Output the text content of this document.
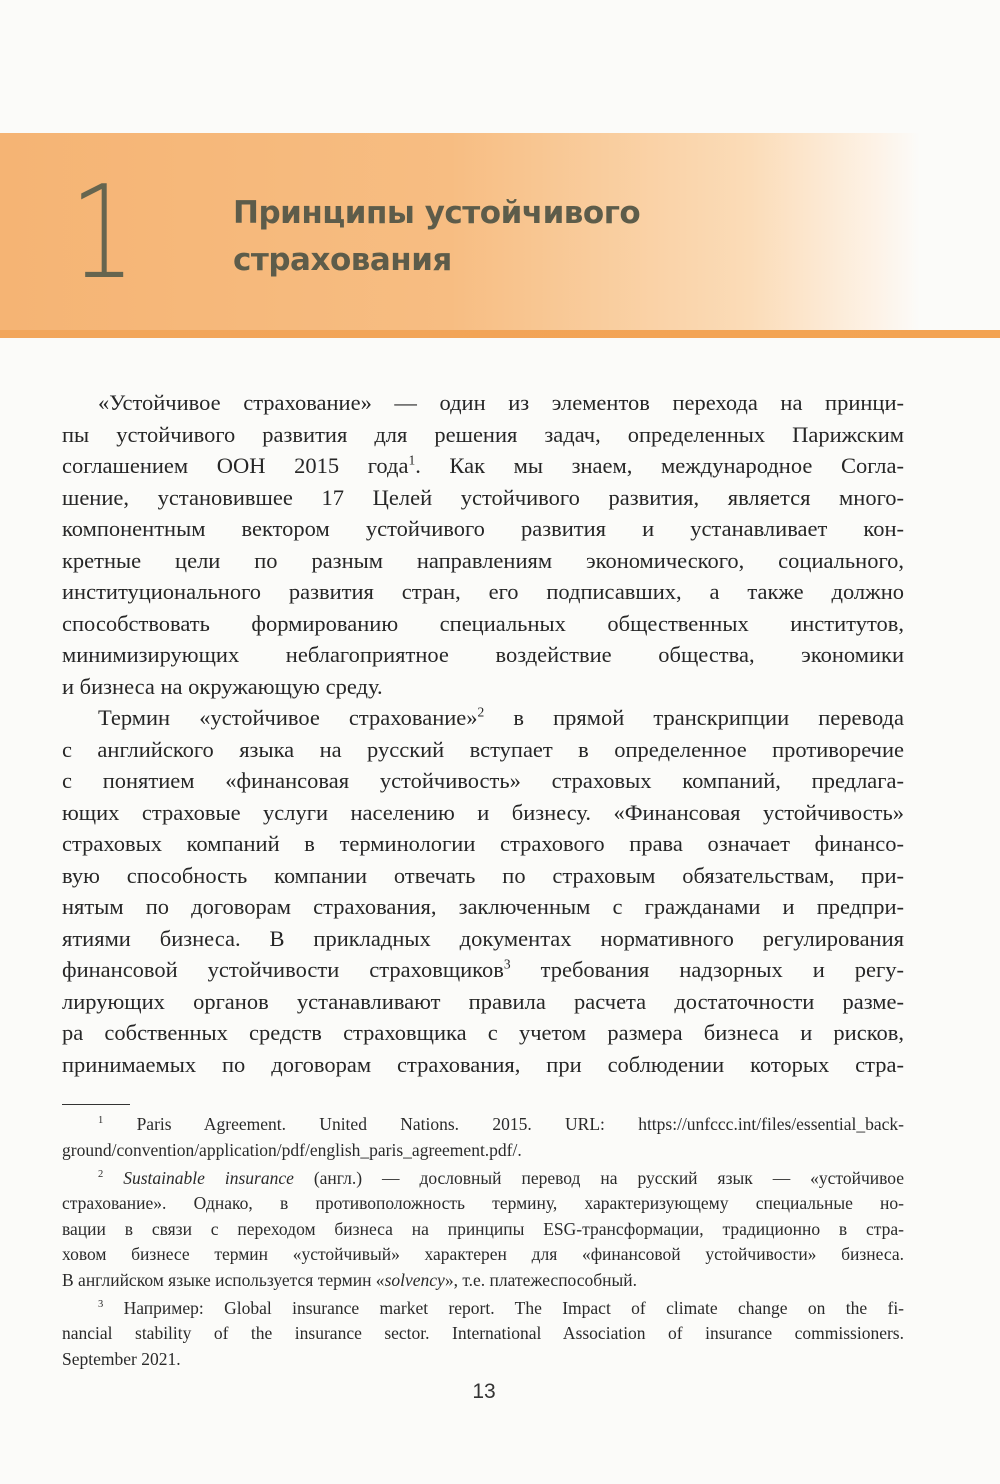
1	Принципы устойчивого
страхования
«Устойчивое страхование» — один из элементов перехода на принци-
пы устойчивого развития для решения задач, определенных Парижским
соглашением ООН 2015 года$^1$. Как мы знаем, международное Согла-
шение, установившее 17 Целей устойчивого развития, является много-
компонентным вектором устойчивого развития и устанавливает кон-
кретные цели по разным направлениям экономического, социального,
институционального развития стран, его подписавших, а также должно
способствовать формированию специальных общественных институтов,
минимизирующих неблагоприятное воздействие общества, экономики
и бизнеса на окружающую среду.
Термин «устойчивое страхование»$^2$ в прямой транскрипции перевода
с английского языка на русский вступает в определенное противоречие
с понятием «финансовая устойчивость» страховых компаний, предлага-
ющих страховые услуги населению и бизнесу. «Финансовая устойчивость»
страховых компаний в терминологии страхового права означает финансо-
вую способность компании отвечать по страховым обязательствам, при-
нятым по договорам страхования, заключенным с гражданами и предпри-
ятиями бизнеса. В прикладных документах нормативного регулирования
финансовой устойчивости страховщиков$^3$ требования надзорных и регу-
лирующих органов устанавливают правила расчета достаточности разме-
ра собственных средств страховщика с учетом размера бизнеса и рисков,
принимаемых по договорам страхования, при соблюдении которых стра-
$^1$ Paris Agreement. United Nations. 2015. URL: https://unfccc.int/files/essential_back-
ground/convention/application/pdf/english_paris_agreement.pdf/.
$^2$ Sustainable insurance (англ.) — дословный перевод на русский язык — «устойчивое
страхование». Однако, в противоположность термину, характеризующему специальные но-
вации в связи с переходом бизнеса на принципы ESG-трансформации, традиционно в стра-
ховом бизнесе термин «устойчивый» характерен для «финансовой устойчивости» бизнеса.
В английском языке используется термин «solvency», т.е. платежеспособный.
$^3$ Например: Global insurance market report. The Impact of climate change on the fi-
nancial stability of the insurance sector. International Association of insurance commissioners.
September 2021.
13
